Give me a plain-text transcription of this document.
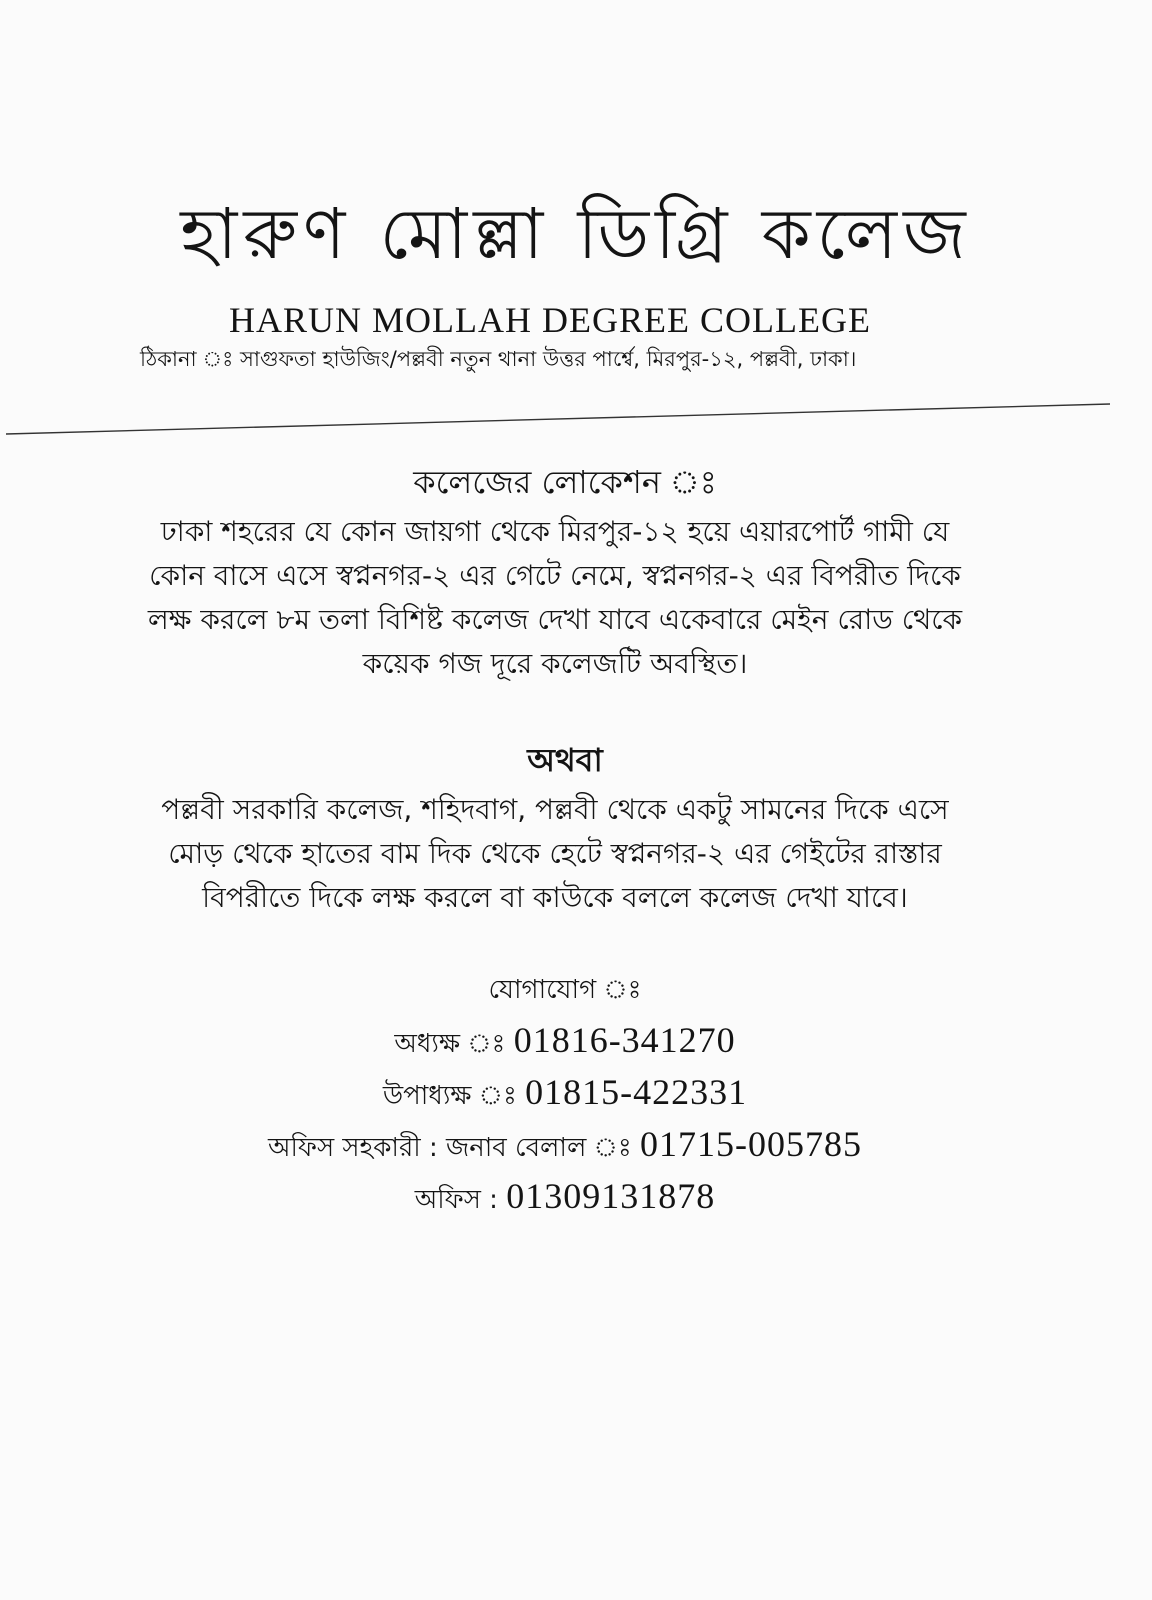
হারুণ মোল্লা ডিগ্রি কলেজ
HARUN MOLLAH DEGREE COLLEGE
ঠিকানা ঃ সাগুফতা হাউজিং/পল্লবী নতুন থানা উত্তর পার্শ্বে, মিরপুর-১২, পল্লবী, ঢাকা।
কলেজের লোকেশন ঃ
ঢাকা শহরের যে কোন জায়গা থেকে মিরপুর-১২ হয়ে এয়ারপোর্ট গামী যে
কোন বাসে এসে স্বপ্ননগর-২ এর গেটে নেমে, স্বপ্ননগর-২ এর বিপরীত দিকে
লক্ষ করলে ৮ম তলা বিশিষ্ট কলেজ দেখা যাবে একেবারে মেইন রোড থেকে
কয়েক গজ দূরে কলেজটি অবস্থিত।
অথবা
পল্লবী সরকারি কলেজ, শহিদবাগ, পল্লবী থেকে একটু সামনের দিকে এসে
মোড় থেকে হাতের বাম দিক থেকে হেটে স্বপ্ননগর-২ এর গেইটের রাস্তার
বিপরীতে দিকে লক্ষ করলে বা কাউকে বললে কলেজ দেখা যাবে।
যোগাযোগ ঃ
অধ্যক্ষ ঃ 01816-341270
উপাধ্যক্ষ ঃ 01815-422331
অফিস সহকারী : জনাব বেলাল ঃ 01715-005785
অফিস : 01309131878
